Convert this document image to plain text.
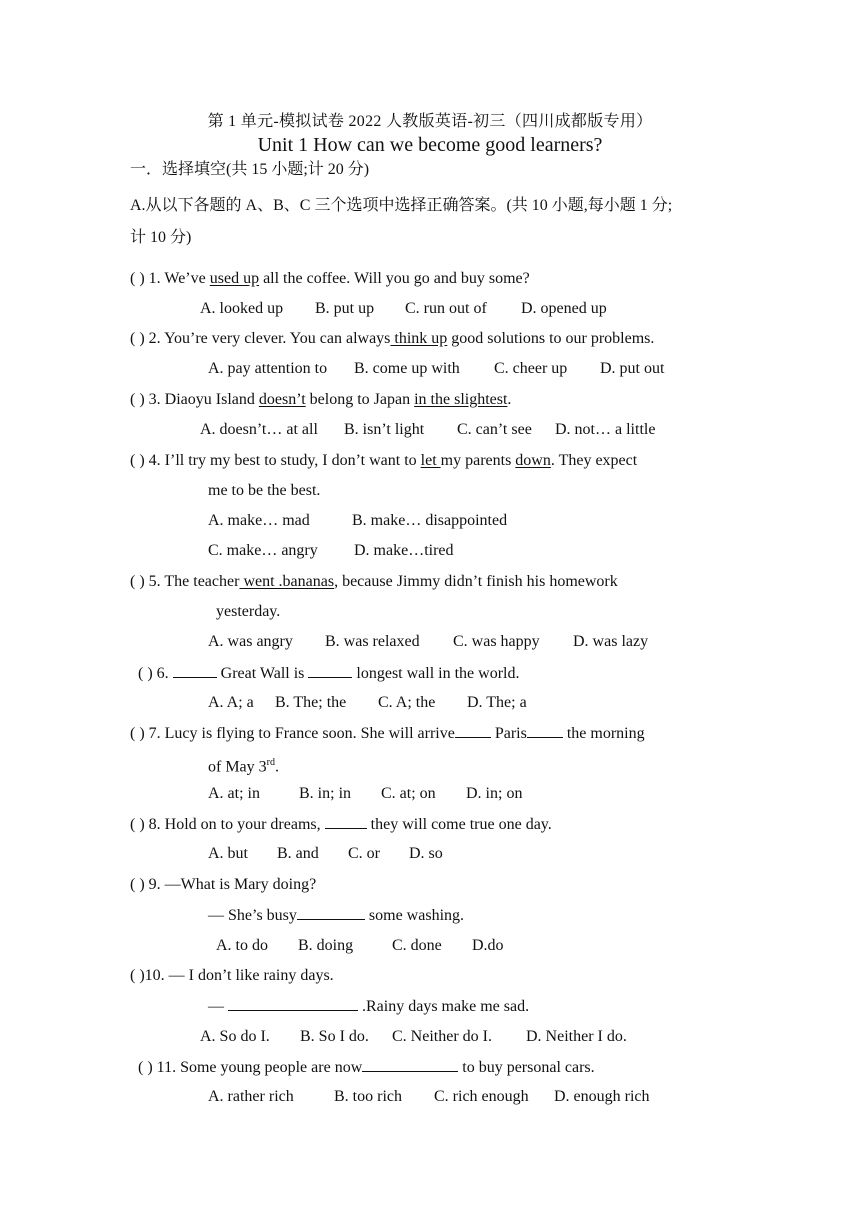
第 1 单元-模拟试卷 2022 人教版英语-初三（四川成都版专用）
Unit 1 How can we become good learners?
一．选择填空(共 15 小题;计 20 分)
A.从以下各题的 A、B、C 三个选项中选择正确答案。(共 10 小题,每小题 1 分;
计 10 分)
( ) 1. We’ve used up all the coffee. Will you go and buy some?
A. looked up B. put up C. run out of D. opened up
( ) 2. You’re very clever. You can always think up good solutions to our problems.
A. pay attention to B. come up with C. cheer up D. put out
( ) 3. Diaoyu Island doesn’t belong to Japan in the slightest.
A. doesn’t… at all B. isn’t light C. can’t see D. not… a little
( ) 4. I’ll try my best to study, I don’t want to let my parents down. They expect
me to be the best.
A. make… mad	B. make… disappointed
C. make… angry D. make…tired
( ) 5. The teacher went .bananas, because Jimmy didn’t finish his homework
yesterday.
A. was angry B. was relaxed C. was happy D. was lazy
( ) 6.	Great Wall is	longest wall in the world.
A. A; a B. The; the C. A; the D. The; a
( ) 7. Lucy is flying to France soon. She will arrive Paris the morning
of May 3rd.
A. at; in B. in; in C. at; on D. in; on
( ) 8. Hold on to your dreams,	they will come true one day.
A. but B. and C. or D. so
( ) 9. —What is Mary doing?
— She’s busy	some washing.
A. to do B. doing C. done D.do
( )10. — I don’t like rainy days.
—	.Rainy days make me sad.
A. So do I. B. So I do. C. Neither do I. D. Neither I do.
( ) 11. Some young people are now	to buy personal cars.
A. rather rich	B. too rich C. rich enough D. enough rich
